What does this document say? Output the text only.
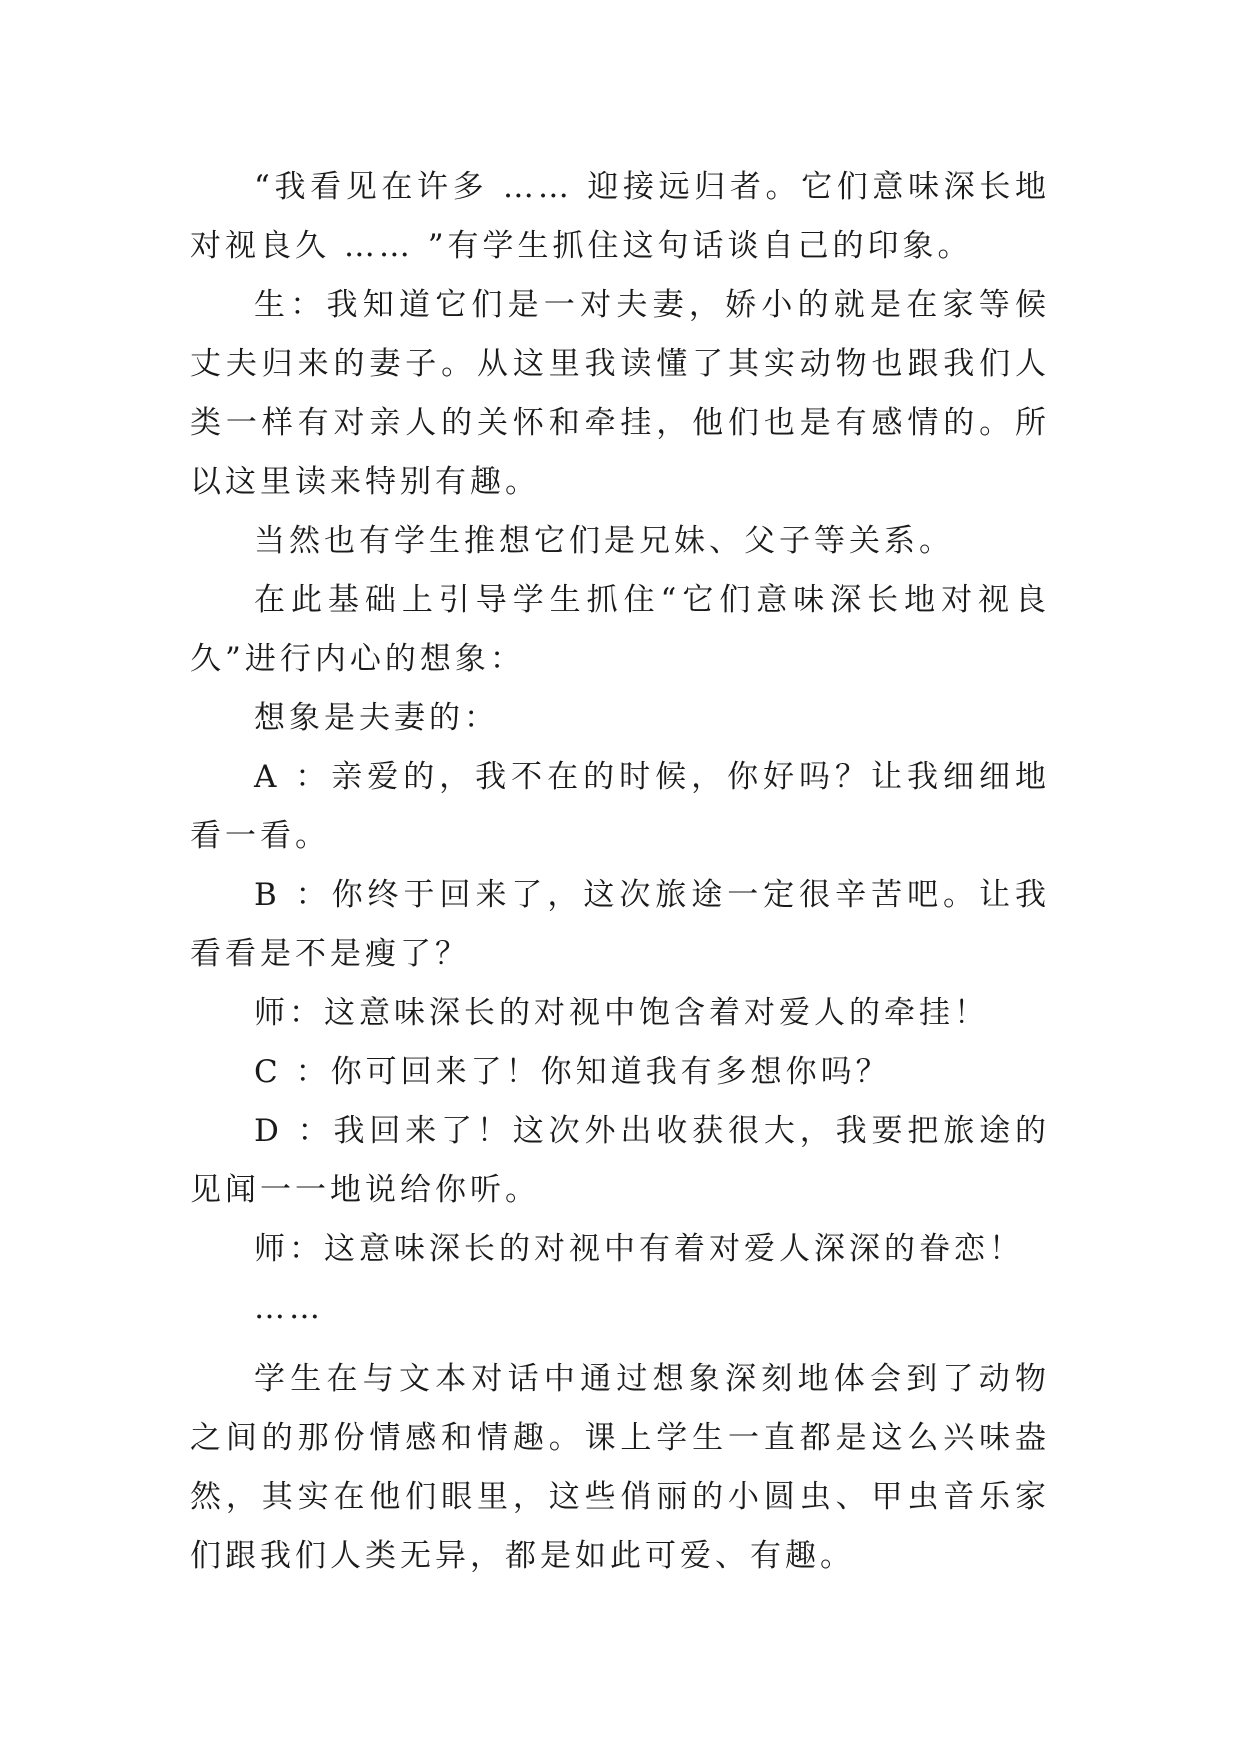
“我看见在许多 …… 迎接远归者。它们意味深长地对视良久 …… ”有学生抓住这句话谈自己的印象。

生：我知道它们是一对夫妻，娇小的就是在家等候丈夫归来的妻子。从这里我读懂了其实动物也跟我们人类一样有对亲人的关怀和牵挂，他们也是有感情的。所以这里读来特别有趣。

当然也有学生推想它们是兄妹、父子等关系。

在此基础上引导学生抓住“它们意味深长地对视良久”进行内心的想象：

想象是夫妻的：

A ：亲爱的，我不在的时候，你好吗？让我细细地看一看。

B ：你终于回来了，这次旅途一定很辛苦吧。让我看看是不是瘦了？

师：这意味深长的对视中饱含着对爱人的牵挂！

C ：你可回来了！你知道我有多想你吗？

D ：我回来了！这次外出收获很大，我要把旅途的见闻一一地说给你听。

师：这意味深长的对视中有着对爱人深深的眷恋！

……

学生在与文本对话中通过想象深刻地体会到了动物之间的那份情感和情趣。课上学生一直都是这么兴味盎然，其实在他们眼里，这些俏丽的小圆虫、甲虫音乐家们跟我们人类无异，都是如此可爱、有趣。
